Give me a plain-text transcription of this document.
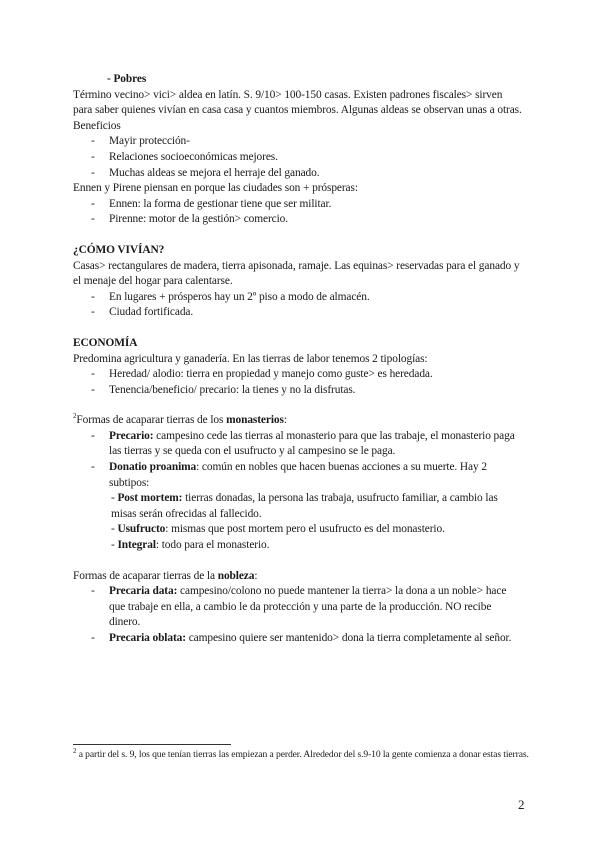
- Pobres

Término vecino> vici> aldea en latín. S. 9/10> 100-150 casas. Existen padrones fiscales> sirven para saber quienes vivían en casa casa y cuantos miembros. Algunas aldeas se observan unas a otras.

Beneficios

- Mayir protección-
- Relaciones socioeconómicas mejores.
- Muchas aldeas se mejora el herraje del ganado.

Ennen y Pirene piensan en porque las ciudades son + prósperas:

- Ennen: la forma de gestionar tiene que ser militar.
- Pirenne: motor de la gestión> comercio.

¿CÓMO VIVÍAN?

Casas> rectangulares de madera, tierra apisonada, ramaje. Las equinas> reservadas para el ganado y el menaje del hogar para calentarse.

- En lugares + prósperos hay un 2º piso a modo de almacén.
- Ciudad fortificada.

ECONOMÍA

Predomina agricultura y ganadería. En las tierras de labor tenemos 2 tipologías:

- Heredad/ alodio: tierra en propiedad y manejo como guste> es heredada.
- Tenencia/beneficio/ precario: la tienes y no la disfrutas.

$^2$Formas de acaparar tierras de los monasterios:

- Precario: campesino cede las tierras al monasterio para que las trabaje, el monasterio paga las tierras y se queda con el usufructo y al campesino se le paga.
- Donatio proanima: común en nobles que hacen buenas acciones a su muerte. Hay 2 subtipos:

- Post mortem: tierras donadas, la persona las trabaja, usufructo familiar, a cambio las misas serán ofrecidas al fallecido.

- Usufructo: mismas que post mortem pero el usufructo es del monasterio.

- Integral: todo para el monasterio.

Formas de acaparar tierras de la nobleza:

- Precaria data: campesino/colono no puede mantener la tierra> la dona a un noble> hace que trabaje en ella, a cambio le da protección y una parte de la producción. NO recibe dinero.
- Precaria oblata: campesino quiere ser mantenido> dona la tierra completamente al señor.

$^2$ a partir del s. 9, los que tenían tierras las empiezan a perder. Alrededor del s.9-10 la gente comienza a donar estas tierras.

2
